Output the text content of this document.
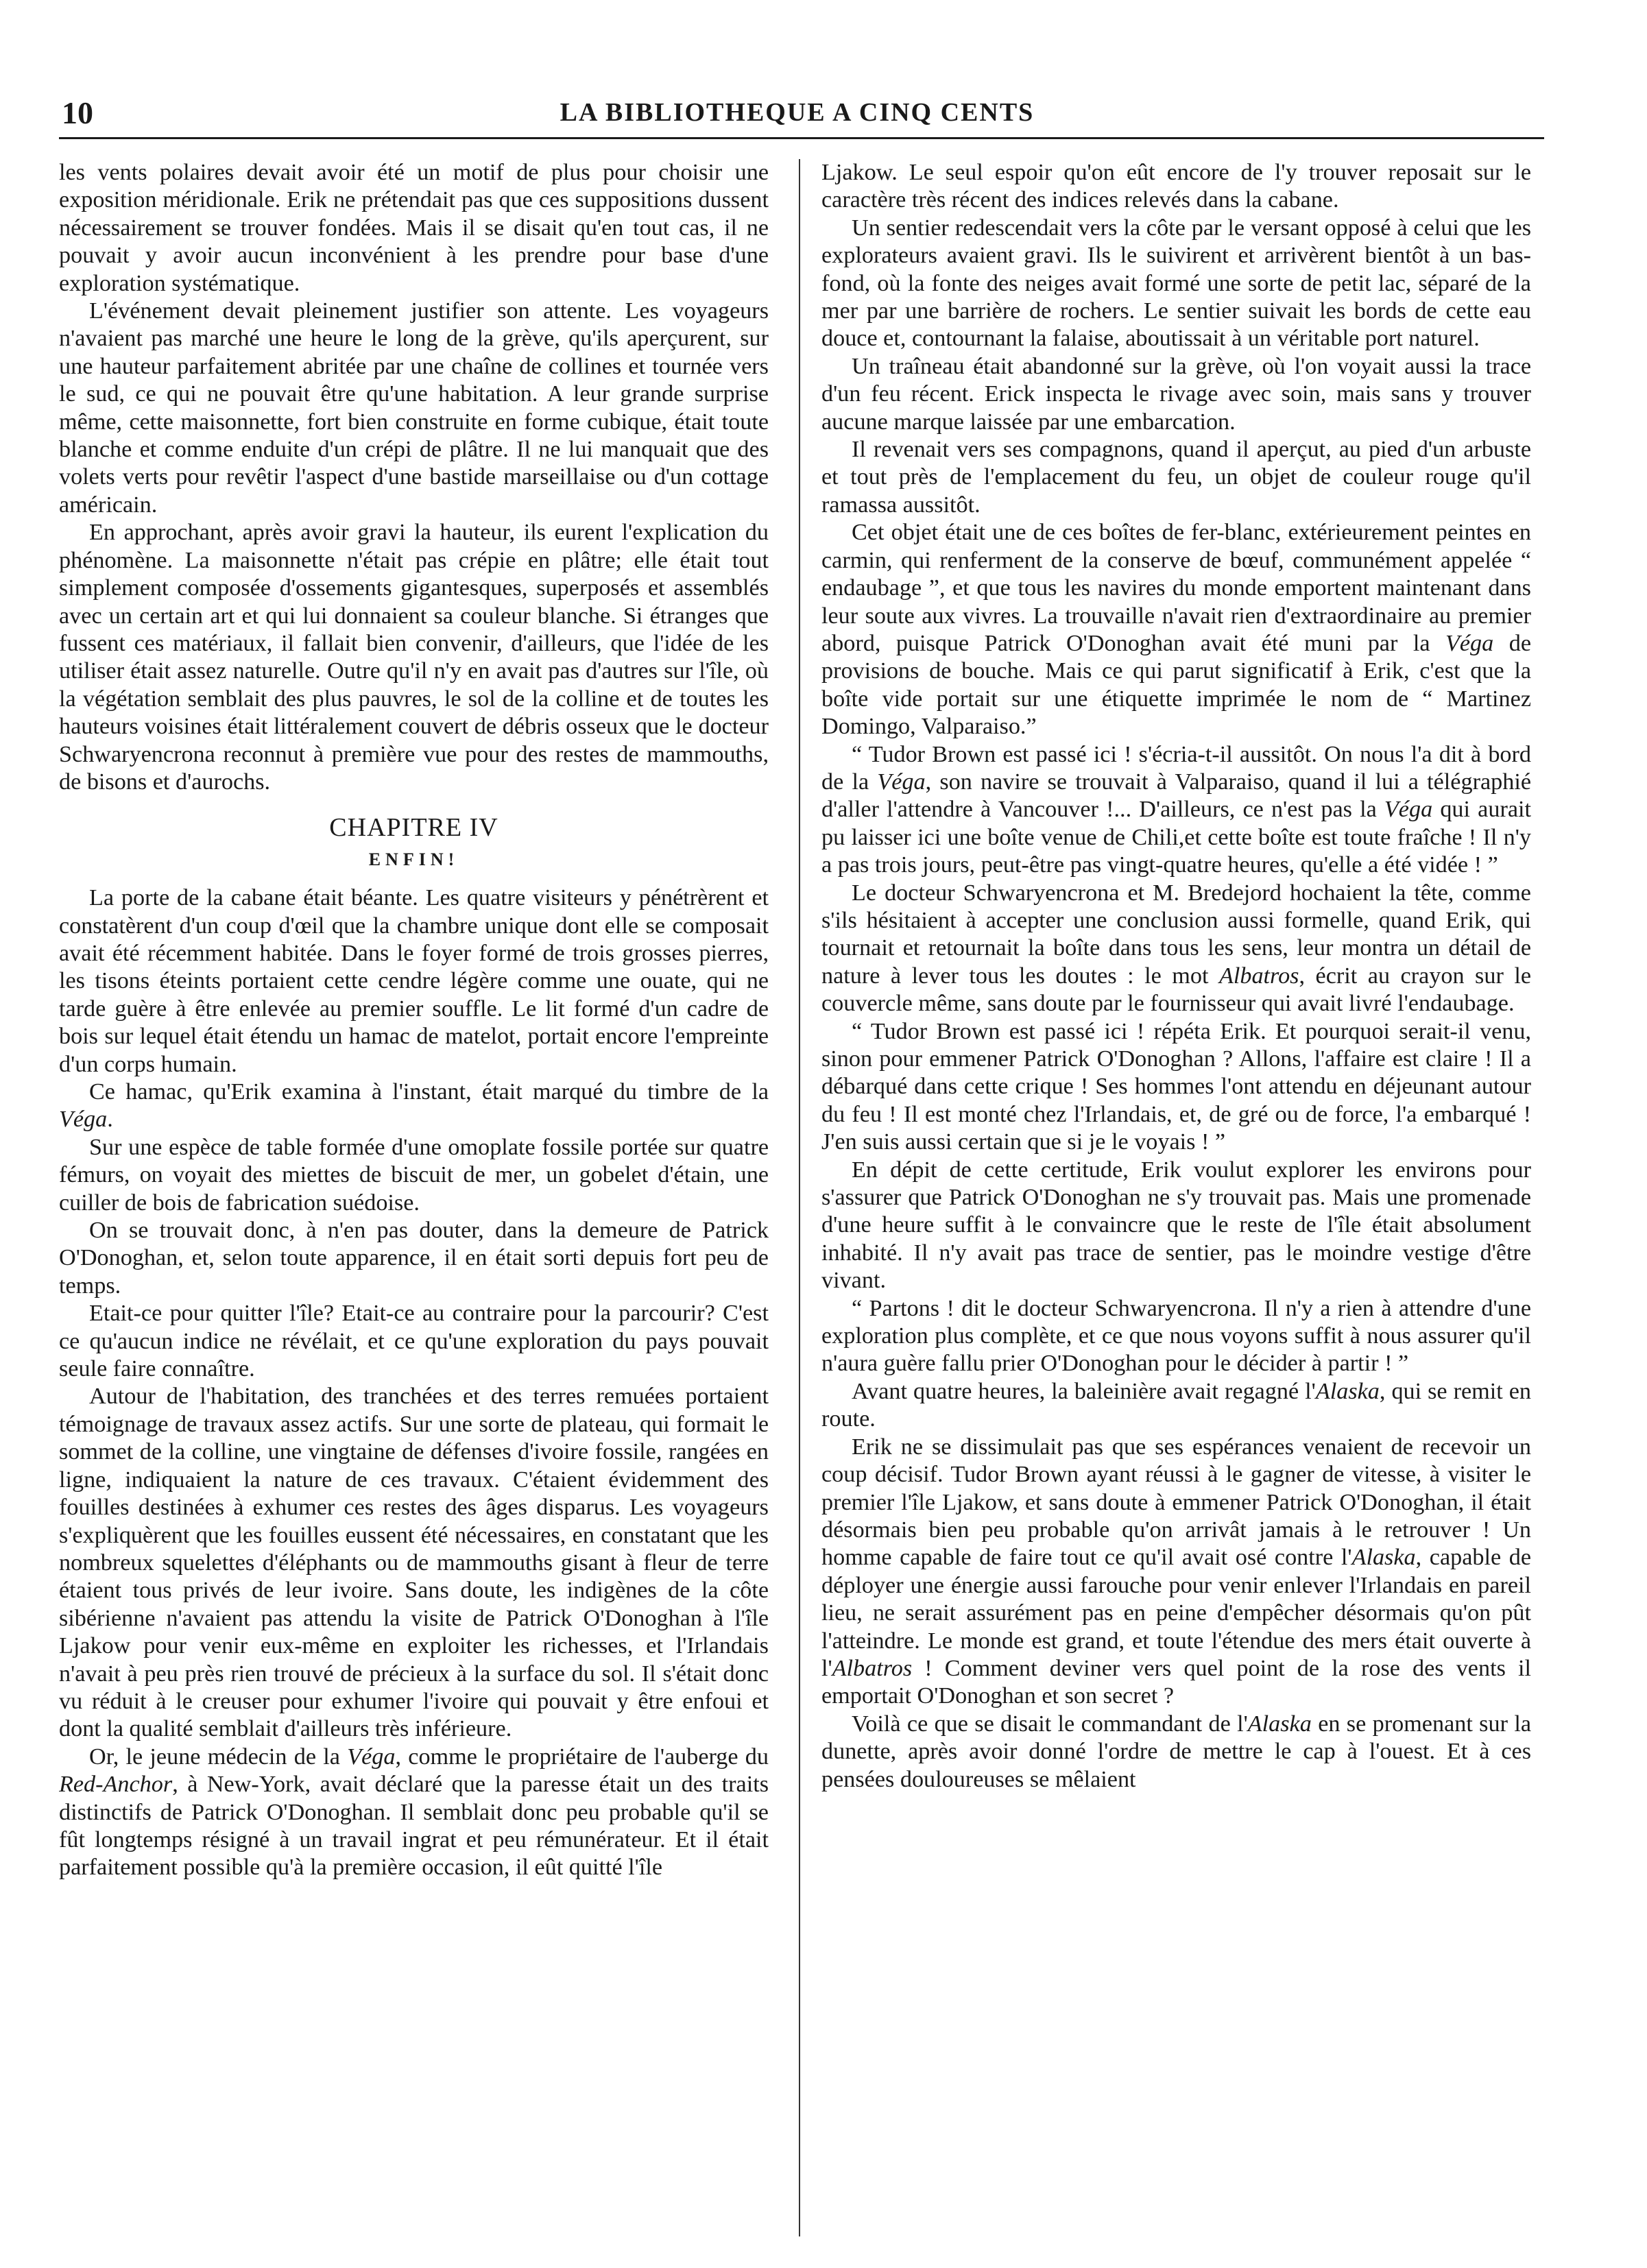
10	LA BIBLIOTHEQUE A CINQ CENTS

les vents polaires devait avoir été un motif de plus pour choisir une exposition méridionale. Erik ne prétendait pas que ces suppositions dussent nécessairement se trouver fondées. Mais il se disait qu'en tout cas, il ne pouvait y avoir aucun inconvénient à les prendre pour base d'une exploration systématique.

L'événement devait pleinement justifier son attente. Les voyageurs n'avaient pas marché une heure le long de la grève, qu'ils aperçurent, sur une hauteur parfaitement abritée par une chaîne de collines et tournée vers le sud, ce qui ne pouvait être qu'une habitation. A leur grande surprise même, cette maisonnette, fort bien construite en forme cubique, était toute blanche et comme enduite d'un crépi de plâtre. Il ne lui manquait que des volets verts pour revêtir l'aspect d'une bastide marseillaise ou d'un cottage américain.

En approchant, après avoir gravi la hauteur, ils eurent l'explication du phénomène. La maisonnette n'était pas crépie en plâtre; elle était tout simplement composée d'ossements gigantesques, superposés et assemblés avec un certain art et qui lui donnaient sa couleur blanche. Si étranges que fussent ces matériaux, il fallait bien convenir, d'ailleurs, que l'idée de les utiliser était assez naturelle. Outre qu'il n'y en avait pas d'autres sur l'île, où la végétation semblait des plus pauvres, le sol de la colline et de toutes les hauteurs voisines était littéralement couvert de débris osseux que le docteur Schwaryencrona reconnut à première vue pour des restes de mammouths, de bisons et d'aurochs.

CHAPITRE IV
ENFIN!

La porte de la cabane était béante. Les quatre visiteurs y pénétrèrent et constatèrent d'un coup d'œil que la chambre unique dont elle se composait avait été récemment habitée. Dans le foyer formé de trois grosses pierres, les tisons éteints portaient cette cendre légère comme une ouate, qui ne tarde guère à être enlevée au premier souffle. Le lit formé d'un cadre de bois sur lequel était étendu un hamac de matelot, portait encore l'empreinte d'un corps humain.

Ce hamac, qu'Erik examina à l'instant, était marqué du timbre de la Véga.

Sur une espèce de table formée d'une omoplate fossile portée sur quatre fémurs, on voyait des miettes de biscuit de mer, un gobelet d'étain, une cuiller de bois de fabrication suédoise.

On se trouvait donc, à n'en pas douter, dans la demeure de Patrick O'Donoghan, et, selon toute apparence, il en était sorti depuis fort peu de temps.

Etait-ce pour quitter l'île? Etait-ce au contraire pour la parcourir? C'est ce qu'aucun indice ne révélait, et ce qu'une exploration du pays pouvait seule faire connaître.

Autour de l'habitation, des tranchées et des terres remuées portaient témoignage de travaux assez actifs. Sur une sorte de plateau, qui formait le sommet de la colline, une vingtaine de défenses d'ivoire fossile, rangées en ligne, indiquaient la nature de ces travaux. C'étaient évidemment des fouilles destinées à exhumer ces restes des âges disparus. Les voyageurs s'expliquèrent que les fouilles eussent été nécessaires, en constatant que les nombreux squelettes d'éléphants ou de mammouths gisant à fleur de terre étaient tous privés de leur ivoire. Sans doute, les indigènes de la côte sibérienne n'avaient pas attendu la visite de Patrick O'Donoghan à l'île Ljakow pour venir eux-même en exploiter les richesses, et l'Irlandais n'avait à peu près rien trouvé de précieux à la surface du sol. Il s'était donc vu réduit à le creuser pour exhumer l'ivoire qui pouvait y être enfoui et dont la qualité semblait d'ailleurs très inférieure.

Or, le jeune médecin de la Véga, comme le propriétaire de l'auberge du Red-Anchor, à New-York, avait déclaré que la paresse était un des traits distinctifs de Patrick O'Donoghan. Il semblait donc peu probable qu'il se fût longtemps résigné à un travail ingrat et peu rémunérateur. Et il était parfaitement possible qu'à la première occasion, il eût quitté l'île

Ljakow. Le seul espoir qu'on eût encore de l'y trouver reposait sur le caractère très récent des indices relevés dans la cabane.

Un sentier redescendait vers la côte par le versant opposé à celui que les explorateurs avaient gravi. Ils le suivirent et arrivèrent bientôt à un bas-fond, où la fonte des neiges avait formé une sorte de petit lac, séparé de la mer par une barrière de rochers. Le sentier suivait les bords de cette eau douce et, contournant la falaise, aboutissait à un véritable port naturel.

Un traîneau était abandonné sur la grève, où l'on voyait aussi la trace d'un feu récent. Erick inspecta le rivage avec soin, mais sans y trouver aucune marque laissée par une embarcation.

Il revenait vers ses compagnons, quand il aperçut, au pied d'un arbuste et tout près de l'emplacement du feu, un objet de couleur rouge qu'il ramassa aussitôt.

Cet objet était une de ces boîtes de fer-blanc, extérieurement peintes en carmin, qui renferment de la conserve de bœuf, communément appelée “ endaubage ”, et que tous les navires du monde emportent maintenant dans leur soute aux vivres. La trouvaille n'avait rien d'extraordinaire au premier abord, puisque Patrick O'Donoghan avait été muni par la Véga de provisions de bouche. Mais ce qui parut significatif à Erik, c'est que la boîte vide portait sur une étiquette imprimée le nom de “ Martinez Domingo, Valparaiso.”

“ Tudor Brown est passé ici ! s'écria-t-il aussitôt. On nous l'a dit à bord de la Véga, son navire se trouvait à Valparaiso, quand il lui a télégraphié d'aller l'attendre à Vancouver !... D'ailleurs, ce n'est pas la Véga qui aurait pu laisser ici une boîte venue de Chili,et cette boîte est toute fraîche ! Il n'y a pas trois jours, peut-être pas vingt-quatre heures, qu'elle a été vidée ! ”

Le docteur Schwaryencrona et M. Bredejord hochaient la tête, comme s'ils hésitaient à accepter une conclusion aussi formelle, quand Erik, qui tournait et retournait la boîte dans tous les sens, leur montra un détail de nature à lever tous les doutes : le mot Albatros, écrit au crayon sur le couvercle même, sans doute par le fournisseur qui avait livré l'endaubage.

“ Tudor Brown est passé ici ! répéta Erik. Et pourquoi serait-il venu, sinon pour emmener Patrick O'Donoghan ? Allons, l'affaire est claire ! Il a débarqué dans cette crique ! Ses hommes l'ont attendu en déjeunant autour du feu ! Il est monté chez l'Irlandais, et, de gré ou de force, l'a embarqué ! J'en suis aussi certain que si je le voyais ! ”

En dépit de cette certitude, Erik voulut explorer les environs pour s'assurer que Patrick O'Donoghan ne s'y trouvait pas. Mais une promenade d'une heure suffit à le convaincre que le reste de l'île était absolument inhabité. Il n'y avait pas trace de sentier, pas le moindre vestige d'être vivant.

“ Partons ! dit le docteur Schwaryencrona. Il n'y a rien à attendre d'une exploration plus complète, et ce que nous voyons suffit à nous assurer qu'il n'aura guère fallu prier O'Donoghan pour le décider à partir ! ”

Avant quatre heures, la baleinière avait regagné l'Alaska, qui se remit en route.

Erik ne se dissimulait pas que ses espérances venaient de recevoir un coup décisif. Tudor Brown ayant réussi à le gagner de vitesse, à visiter le premier l'île Ljakow, et sans doute à emmener Patrick O'Donoghan, il était désormais bien peu probable qu'on arrivât jamais à le retrouver ! Un homme capable de faire tout ce qu'il avait osé contre l'Alaska, capable de déployer une énergie aussi farouche pour venir enlever l'Irlandais en pareil lieu, ne serait assurément pas en peine d'empêcher désormais qu'on pût l'atteindre. Le monde est grand, et toute l'étendue des mers était ouverte à l'Albatros ! Comment deviner vers quel point de la rose des vents il emportait O'Donoghan et son secret ?

Voilà ce que se disait le commandant de l'Alaska en se promenant sur la dunette, après avoir donné l'ordre de mettre le cap à l'ouest. Et à ces pensées douloureuses se mêlaient
